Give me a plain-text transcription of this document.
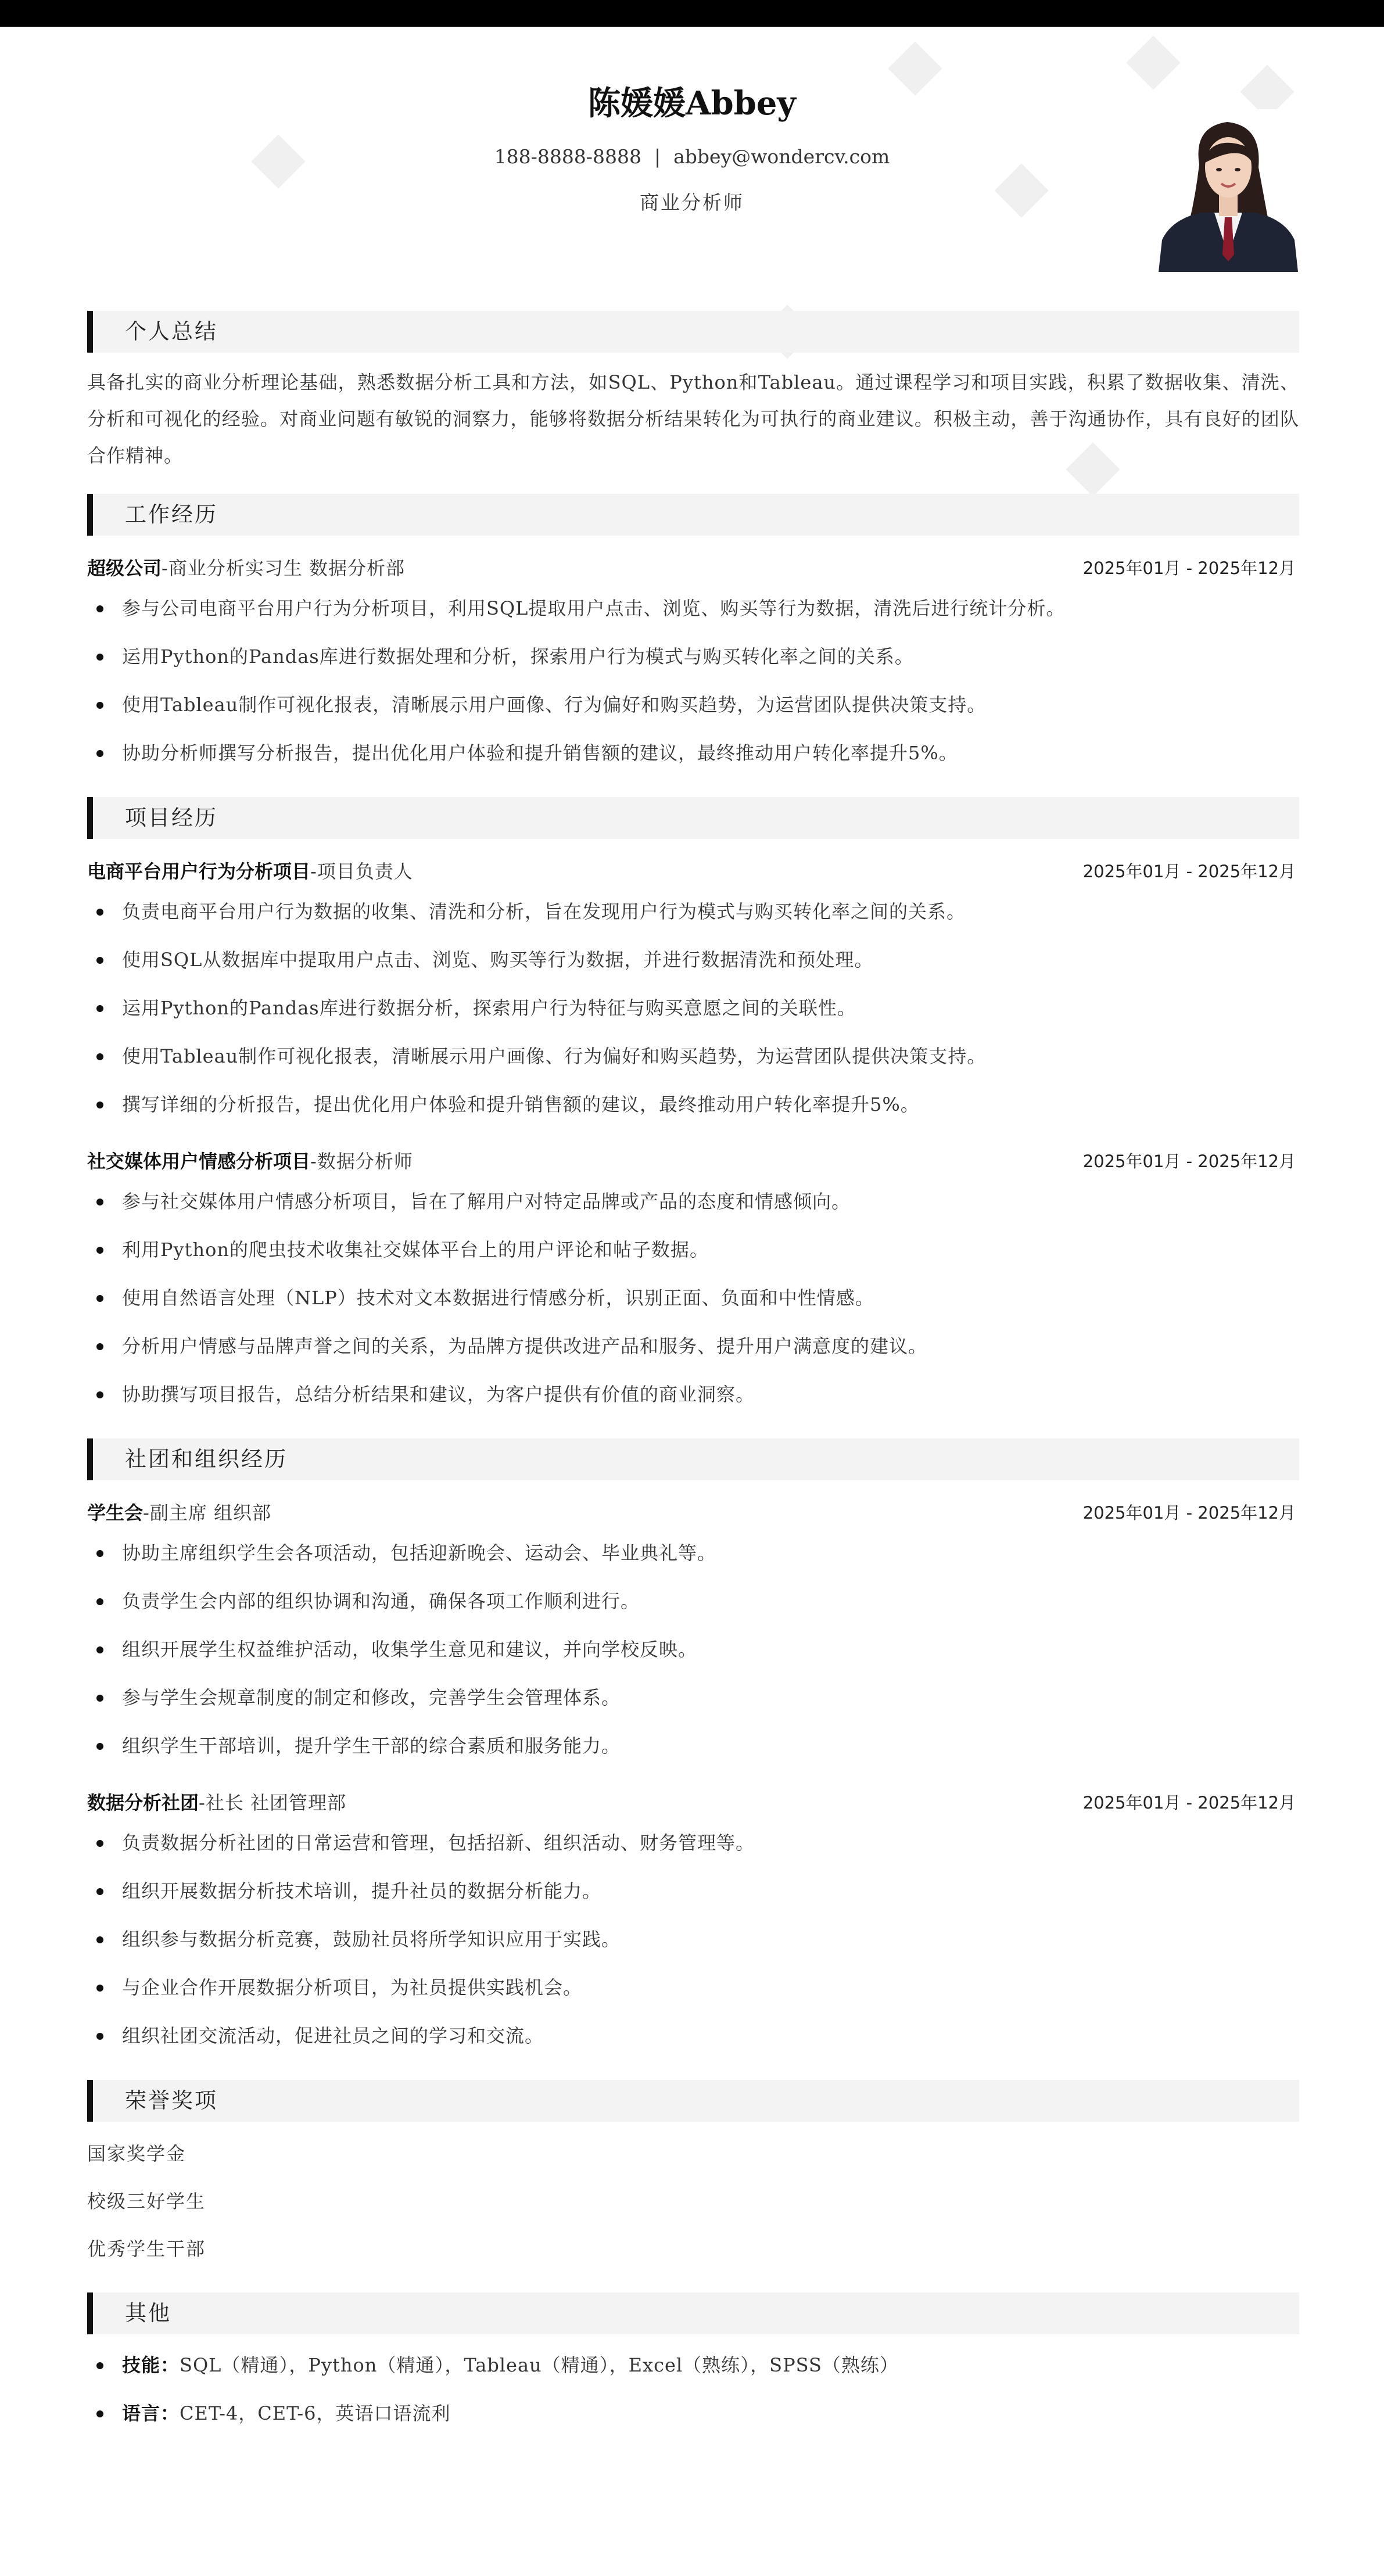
陈媛媛Abbey
188-8888-8888 | abbey@wondercv.com
商业分析师
个人总结
具备扎实的商业分析理论基础，熟悉数据分析工具和方法，如SQL、Python和Tableau。通过课程学习和项目实践，积累了数据收集、清洗、分析和可视化的经验。对商业问题有敏锐的洞察力，能够将数据分析结果转化为可执行的商业建议。积极主动，善于沟通协作，具有良好的团队合作精神。
工作经历
超级公司-商业分析实习生 数据分析部	2025年01月 - 2025年12月
参与公司电商平台用户行为分析项目，利用SQL提取用户点击、浏览、购买等行为数据，清洗后进行统计分析。
运用Python的Pandas库进行数据处理和分析，探索用户行为模式与购买转化率之间的关系。
使用Tableau制作可视化报表，清晰展示用户画像、行为偏好和购买趋势，为运营团队提供决策支持。
协助分析师撰写分析报告，提出优化用户体验和提升销售额的建议，最终推动用户转化率提升5%。
项目经历
电商平台用户行为分析项目-项目负责人	2025年01月 - 2025年12月
负责电商平台用户行为数据的收集、清洗和分析，旨在发现用户行为模式与购买转化率之间的关系。
使用SQL从数据库中提取用户点击、浏览、购买等行为数据，并进行数据清洗和预处理。
运用Python的Pandas库进行数据分析，探索用户行为特征与购买意愿之间的关联性。
使用Tableau制作可视化报表，清晰展示用户画像、行为偏好和购买趋势，为运营团队提供决策支持。
撰写详细的分析报告，提出优化用户体验和提升销售额的建议，最终推动用户转化率提升5%。
社交媒体用户情感分析项目-数据分析师	2025年01月 - 2025年12月
参与社交媒体用户情感分析项目，旨在了解用户对特定品牌或产品的态度和情感倾向。
利用Python的爬虫技术收集社交媒体平台上的用户评论和帖子数据。
使用自然语言处理（NLP）技术对文本数据进行情感分析，识别正面、负面和中性情感。
分析用户情感与品牌声誉之间的关系，为品牌方提供改进产品和服务、提升用户满意度的建议。
协助撰写项目报告，总结分析结果和建议，为客户提供有价值的商业洞察。
社团和组织经历
学生会-副主席 组织部	2025年01月 - 2025年12月
协助主席组织学生会各项活动，包括迎新晚会、运动会、毕业典礼等。
负责学生会内部的组织协调和沟通，确保各项工作顺利进行。
组织开展学生权益维护活动，收集学生意见和建议，并向学校反映。
参与学生会规章制度的制定和修改，完善学生会管理体系。
组织学生干部培训，提升学生干部的综合素质和服务能力。
数据分析社团-社长 社团管理部	2025年01月 - 2025年12月
负责数据分析社团的日常运营和管理，包括招新、组织活动、财务管理等。
组织开展数据分析技术培训，提升社员的数据分析能力。
组织参与数据分析竞赛，鼓励社员将所学知识应用于实践。
与企业合作开展数据分析项目，为社员提供实践机会。
组织社团交流活动，促进社员之间的学习和交流。
荣誉奖项
国家奖学金
校级三好学生
优秀学生干部
其他
技能：SQL（精通），Python（精通），Tableau（精通），Excel（熟练），SPSS（熟练）
语言：CET-4，CET-6，英语口语流利
